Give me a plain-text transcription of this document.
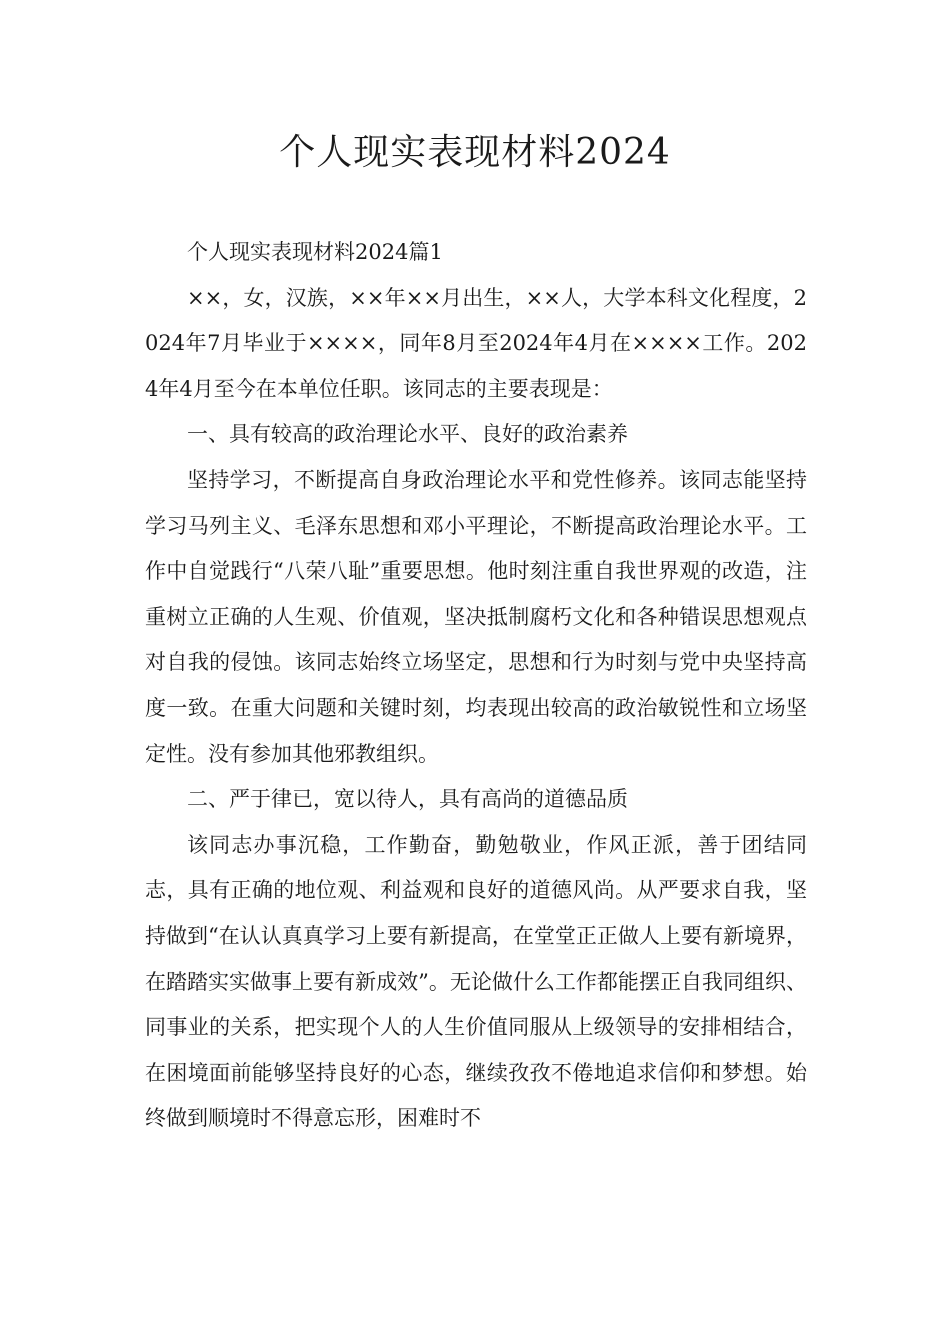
个人现实表现材料2024

个人现实表现材料2024篇1

××，女，汉族，××年××月出生，××人，大学本科文化程度，2024年7月毕业于××××，同年8月至2024年4月在××××工作。2024年4月至今在本单位任职。该同志的主要表现是：

一、具有较高的政治理论水平、良好的政治素养

坚持学习，不断提高自身政治理论水平和党性修养。该同志能坚持学习马列主义、毛泽东思想和邓小平理论，不断提高政治理论水平。工作中自觉践行“八荣八耻”重要思想。他时刻注重自我世界观的改造，注重树立正确的人生观、价值观，坚决抵制腐朽文化和各种错误思想观点对自我的侵蚀。该同志始终立场坚定，思想和行为时刻与党中央坚持高度一致。在重大问题和关键时刻，均表现出较高的政治敏锐性和立场坚定性。没有参加其他邪教组织。

二、严于律已，宽以待人，具有高尚的道德品质

该同志办事沉稳，工作勤奋，勤勉敬业，作风正派，善于团结同志，具有正确的地位观、利益观和良好的道德风尚。从严要求自我，坚持做到“在认认真真学习上要有新提高，在堂堂正正做人上要有新境界，在踏踏实实做事上要有新成效”。无论做什么工作都能摆正自我同组织、同事业的关系，把实现个人的人生价值同服从上级领导的安排相结合，在困境面前能够坚持良好的心态，继续孜孜不倦地追求信仰和梦想。始终做到顺境时不得意忘形，困难时不
